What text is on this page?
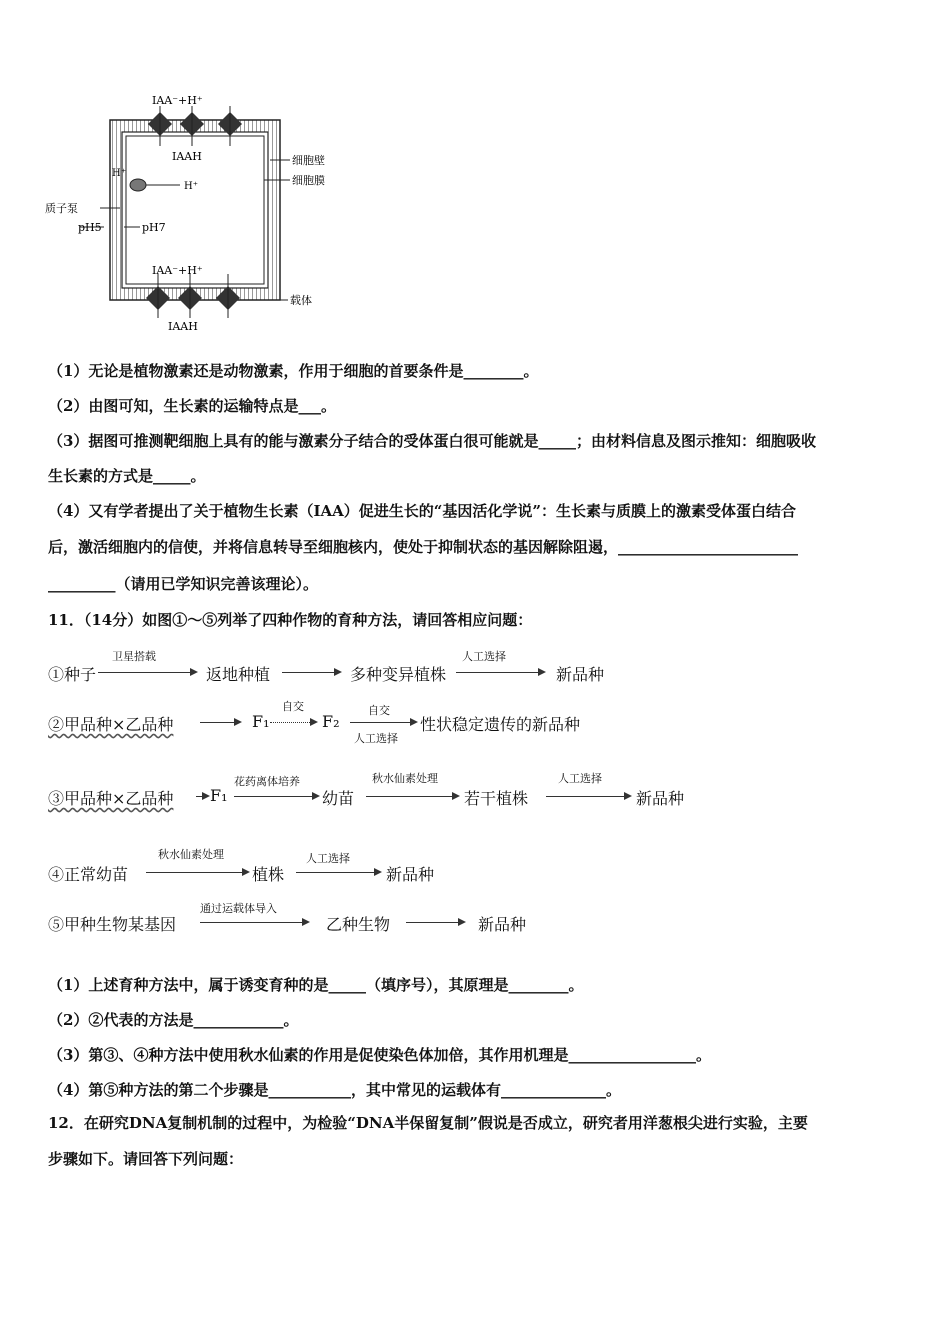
IAA⁻+H⁺
IAAH
H⁺
H⁺
质子泵
pH5	pH7
IAA⁻+H⁺
IAAH
细胞壁
细胞膜
载体
（1）无论是植物激素还是动物激素，作用于细胞的首要条件是________。
（2）由图可知，生长素的运输特点是___。
（3）据图可推测靶细胞上具有的能与激素分子结合的受体蛋白很可能就是_____；由材料信息及图示推知：细胞吸收
生长素的方式是_____。
（4）又有学者提出了关于植物生长素（IAA）促进生长的“基因活化学说”：生长素与质膜上的激素受体蛋白结合
后，激活细胞内的信使，并将信息转导至细胞核内，使处于抑制状态的基因解除阻遏，________________________
_________（请用已学知识完善该理论）。
11．（14分）如图①～⑤列举了四种作物的育种方法，请回答相应问题：
①种子
卫星搭载
返地种植	多种变异植株
人工选择
新品种
②甲品种×乙品种	F₁
自交
F₂
自交
人工选择
性状稳定遗传的新品种
③甲品种×乙品种 F₁
花药离体培养
幼苗
秋水仙素处理
若干植株
人工选择
新品种
④正常幼苗
秋水仙素处理
植株
人工选择
新品种
⑤甲种生物某基因
通过运载体导入
乙种生物	新品种
（1）上述育种方法中，属于诱变育种的是_____（填序号），其原理是________。
（2）②代表的方法是____________。
（3）第③、④种方法中使用秋水仙素的作用是促使染色体加倍，其作用机理是_________________。
（4）第⑤种方法的第二个步骤是___________，其中常见的运载体有______________。
12．在研究DNA复制机制的过程中，为检验“DNA半保留复制”假说是否成立，研究者用洋葱根尖进行实验，主要
步骤如下。请回答下列问题：
